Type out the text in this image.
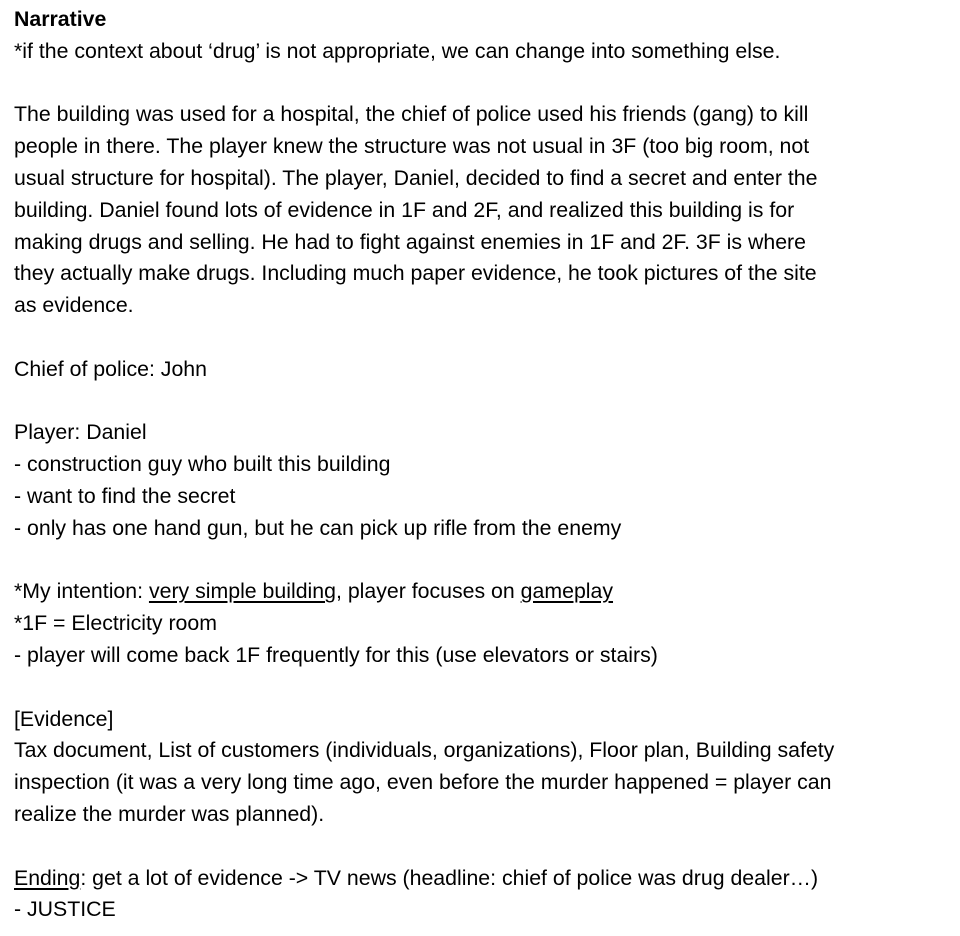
Narrative
*if the context about ‘drug’ is not appropriate, we can change into something else.
The building was used for a hospital, the chief of police used his friends (gang) to kill
people in there. The player knew the structure was not usual in 3F (too big room, not
usual structure for hospital). The player, Daniel, decided to find a secret and enter the
building. Daniel found lots of evidence in 1F and 2F, and realized this building is for
making drugs and selling. He had to fight against enemies in 1F and 2F. 3F is where
they actually make drugs. Including much paper evidence, he took pictures of the site
as evidence.
Chief of police: John
Player: Daniel
- construction guy who built this building
- want to find the secret
- only has one hand gun, but he can pick up rifle from the enemy
*My intention: very simple building, player focuses on gameplay
*1F = Electricity room
- player will come back 1F frequently for this (use elevators or stairs)
[Evidence]
Tax document, List of customers (individuals, organizations), Floor plan, Building safety
inspection (it was a very long time ago, even before the murder happened = player can
realize the murder was planned).
Ending: get a lot of evidence -> TV news (headline: chief of police was drug dealer…)
- JUSTICE
